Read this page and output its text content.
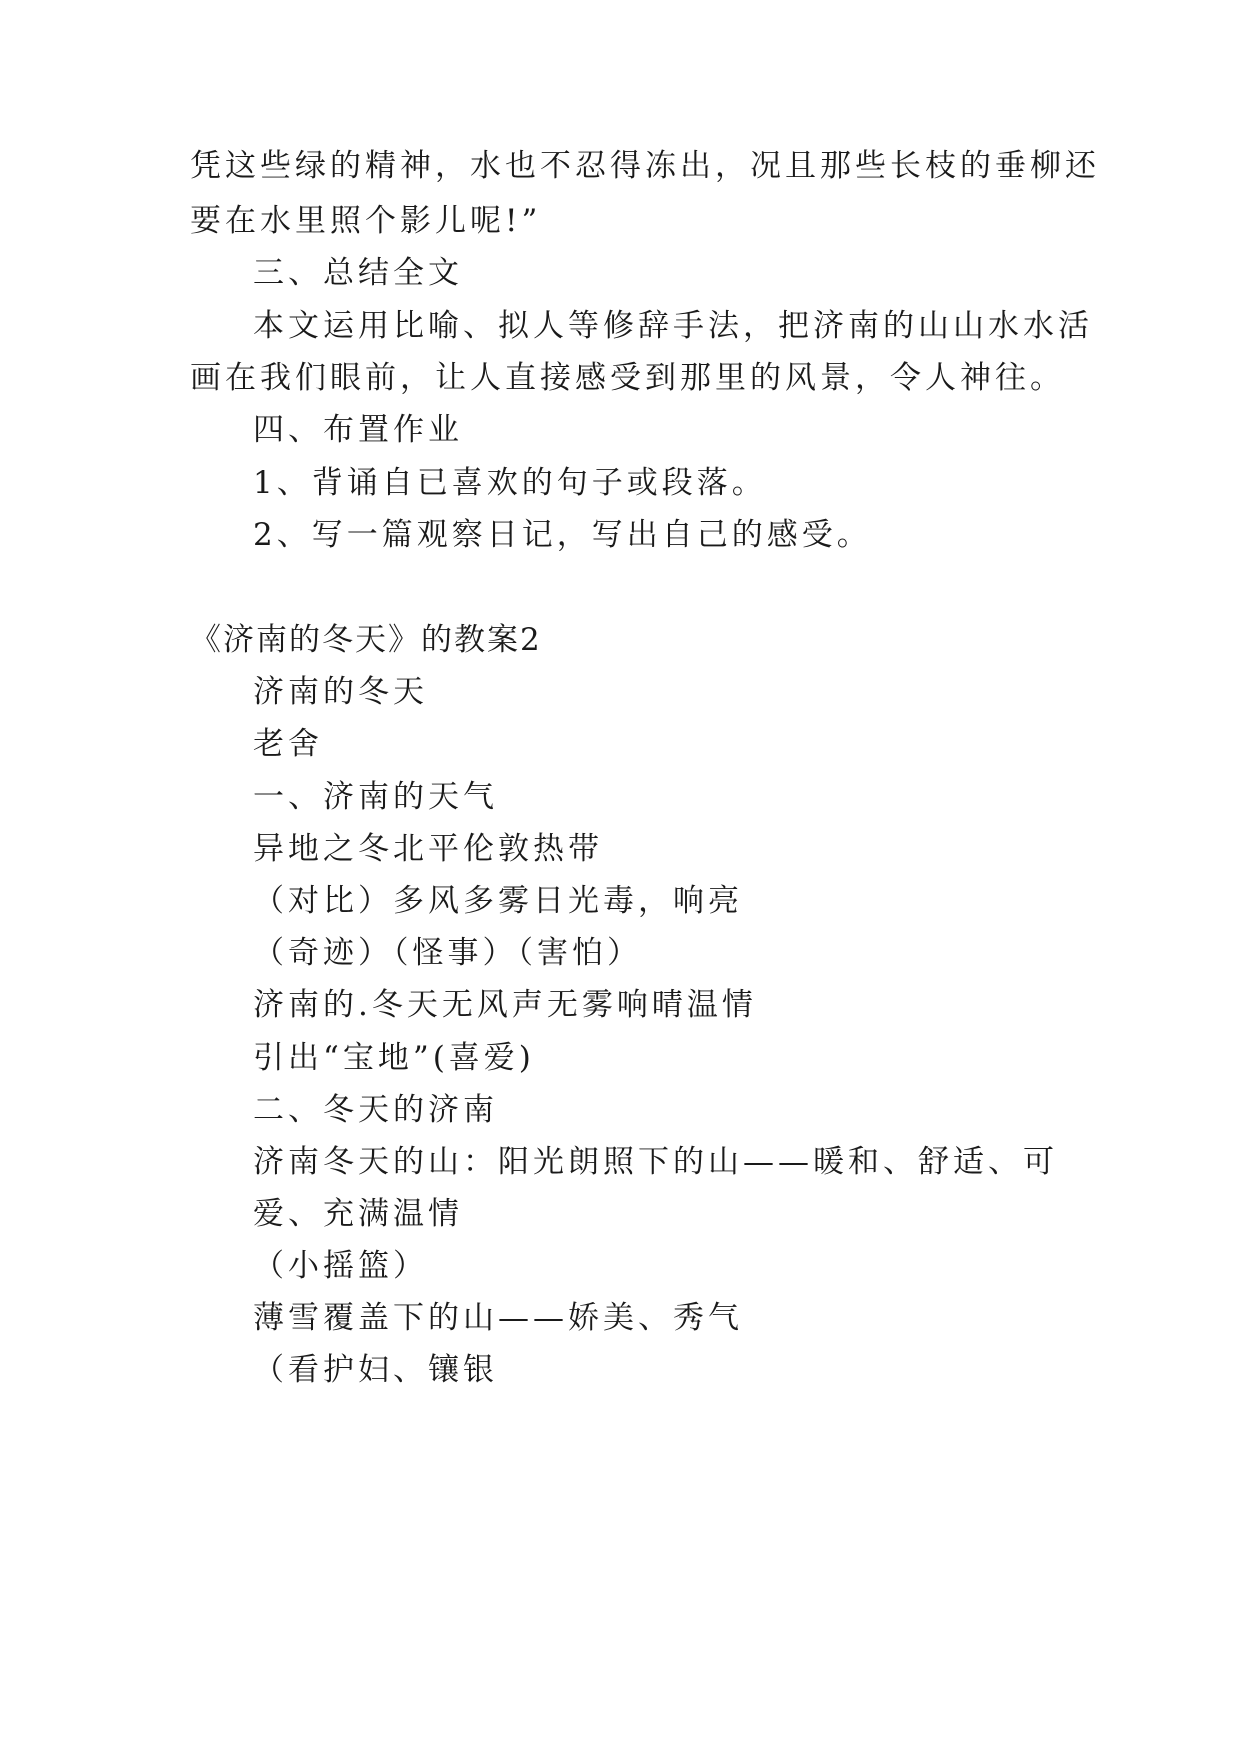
凭这些绿的精神，水也不忍得冻出，况且那些长枝的垂柳还
要在水里照个影儿呢!”
三、总结全文
本文运用比喻、拟人等修辞手法，把济南的山山水水活
画在我们眼前，让人直接感受到那里的风景，令人神往。
四、布置作业
1、背诵自已喜欢的句子或段落。
2、写一篇观察日记，写出自己的感受。
《济南的冬天》的教案2
济南的冬天
老舍
一、济南的天气
异地之冬北平伦敦热带
（对比）多风多雾日光毒，响亮
（奇迹）（怪事）（害怕）
济南的.冬天无风声无雾响晴温情
引出“宝地”(喜爱)
二、冬天的济南
济南冬天的山：阳光朗照下的山——暖和、舒适、可
爱、充满温情
（小摇篮）
薄雪覆盖下的山——娇美、秀气
（看护妇、镶银
